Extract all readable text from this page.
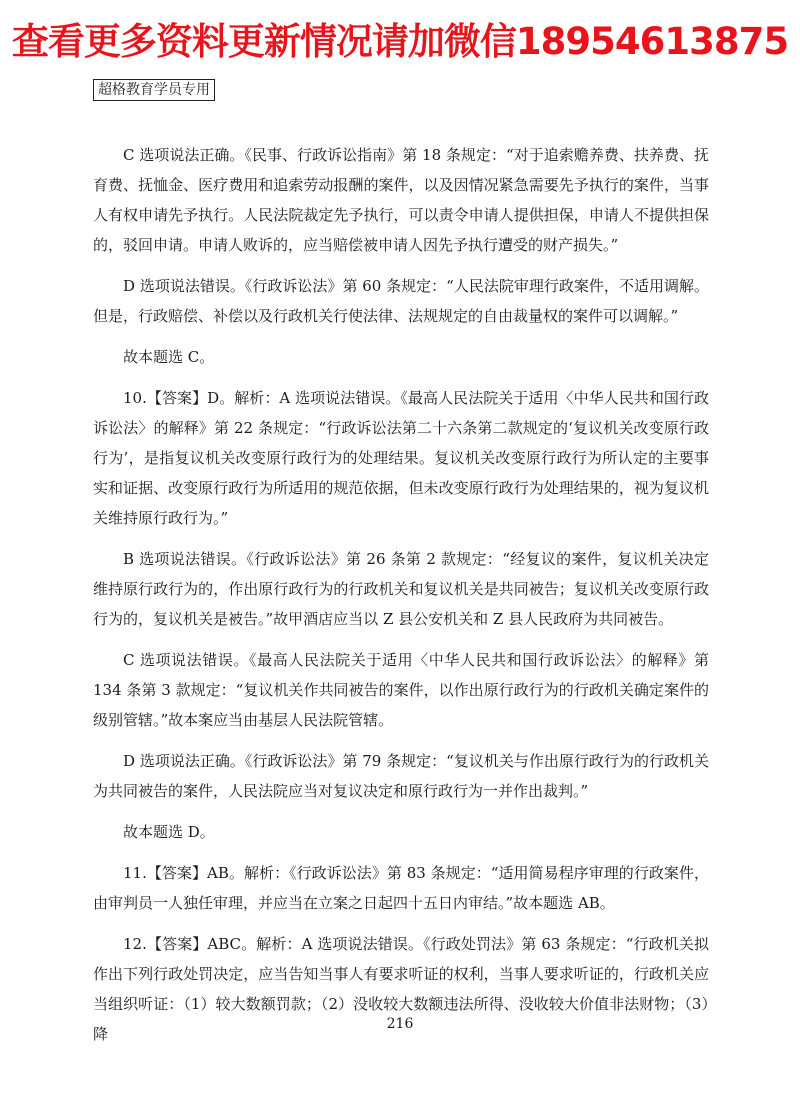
查看更多资料更新情况请加微信18954613875
超格教育学员专用

C 选项说法正确。《民事、行政诉讼指南》第 18 条规定：“对于追索赡养费、扶养费、抚育费、抚恤金、医疗费用和追索劳动报酬的案件，以及因情况紧急需要先予执行的案件，当事人有权申请先予执行。人民法院裁定先予执行，可以责令申请人提供担保，申请人不提供担保的，驳回申请。申请人败诉的，应当赔偿被申请人因先予执行遭受的财产损失。”

D 选项说法错误。《行政诉讼法》第 60 条规定：“人民法院审理行政案件，不适用调解。但是，行政赔偿、补偿以及行政机关行使法律、法规规定的自由裁量权的案件可以调解。”

故本题选 C。

10.【答案】D。解析：A 选项说法错误。《最高人民法院关于适用〈中华人民共和国行政诉讼法〉的解释》第 22 条规定：“行政诉讼法第二十六条第二款规定的‘复议机关改变原行政行为’，是指复议机关改变原行政行为的处理结果。复议机关改变原行政行为所认定的主要事实和证据、改变原行政行为所适用的规范依据，但未改变原行政行为处理结果的，视为复议机关维持原行政行为。”

B 选项说法错误。《行政诉讼法》第 26 条第 2 款规定：“经复议的案件，复议机关决定维持原行政行为的，作出原行政行为的行政机关和复议机关是共同被告；复议机关改变原行政行为的，复议机关是被告。”故甲酒店应当以 Z 县公安机关和 Z 县人民政府为共同被告。

C 选项说法错误。《最高人民法院关于适用〈中华人民共和国行政诉讼法〉的解释》第 134 条第 3 款规定：“复议机关作共同被告的案件，以作出原行政行为的行政机关确定案件的级别管辖。”故本案应当由基层人民法院管辖。

D 选项说法正确。《行政诉讼法》第 79 条规定：“复议机关与作出原行政行为的行政机关为共同被告的案件，人民法院应当对复议决定和原行政行为一并作出裁判。”

故本题选 D。

11.【答案】AB。解析：《行政诉讼法》第 83 条规定：“适用简易程序审理的行政案件，由审判员一人独任审理，并应当在立案之日起四十五日内审结。”故本题选 AB。

12.【答案】ABC。解析：A 选项说法错误。《行政处罚法》第 63 条规定：“行政机关拟作出下列行政处罚决定，应当告知当事人有要求听证的权利，当事人要求听证的，行政机关应当组织听证：（1）较大数额罚款；（2）没收较大数额违法所得、没收较大价值非法财物；（3）降

216
